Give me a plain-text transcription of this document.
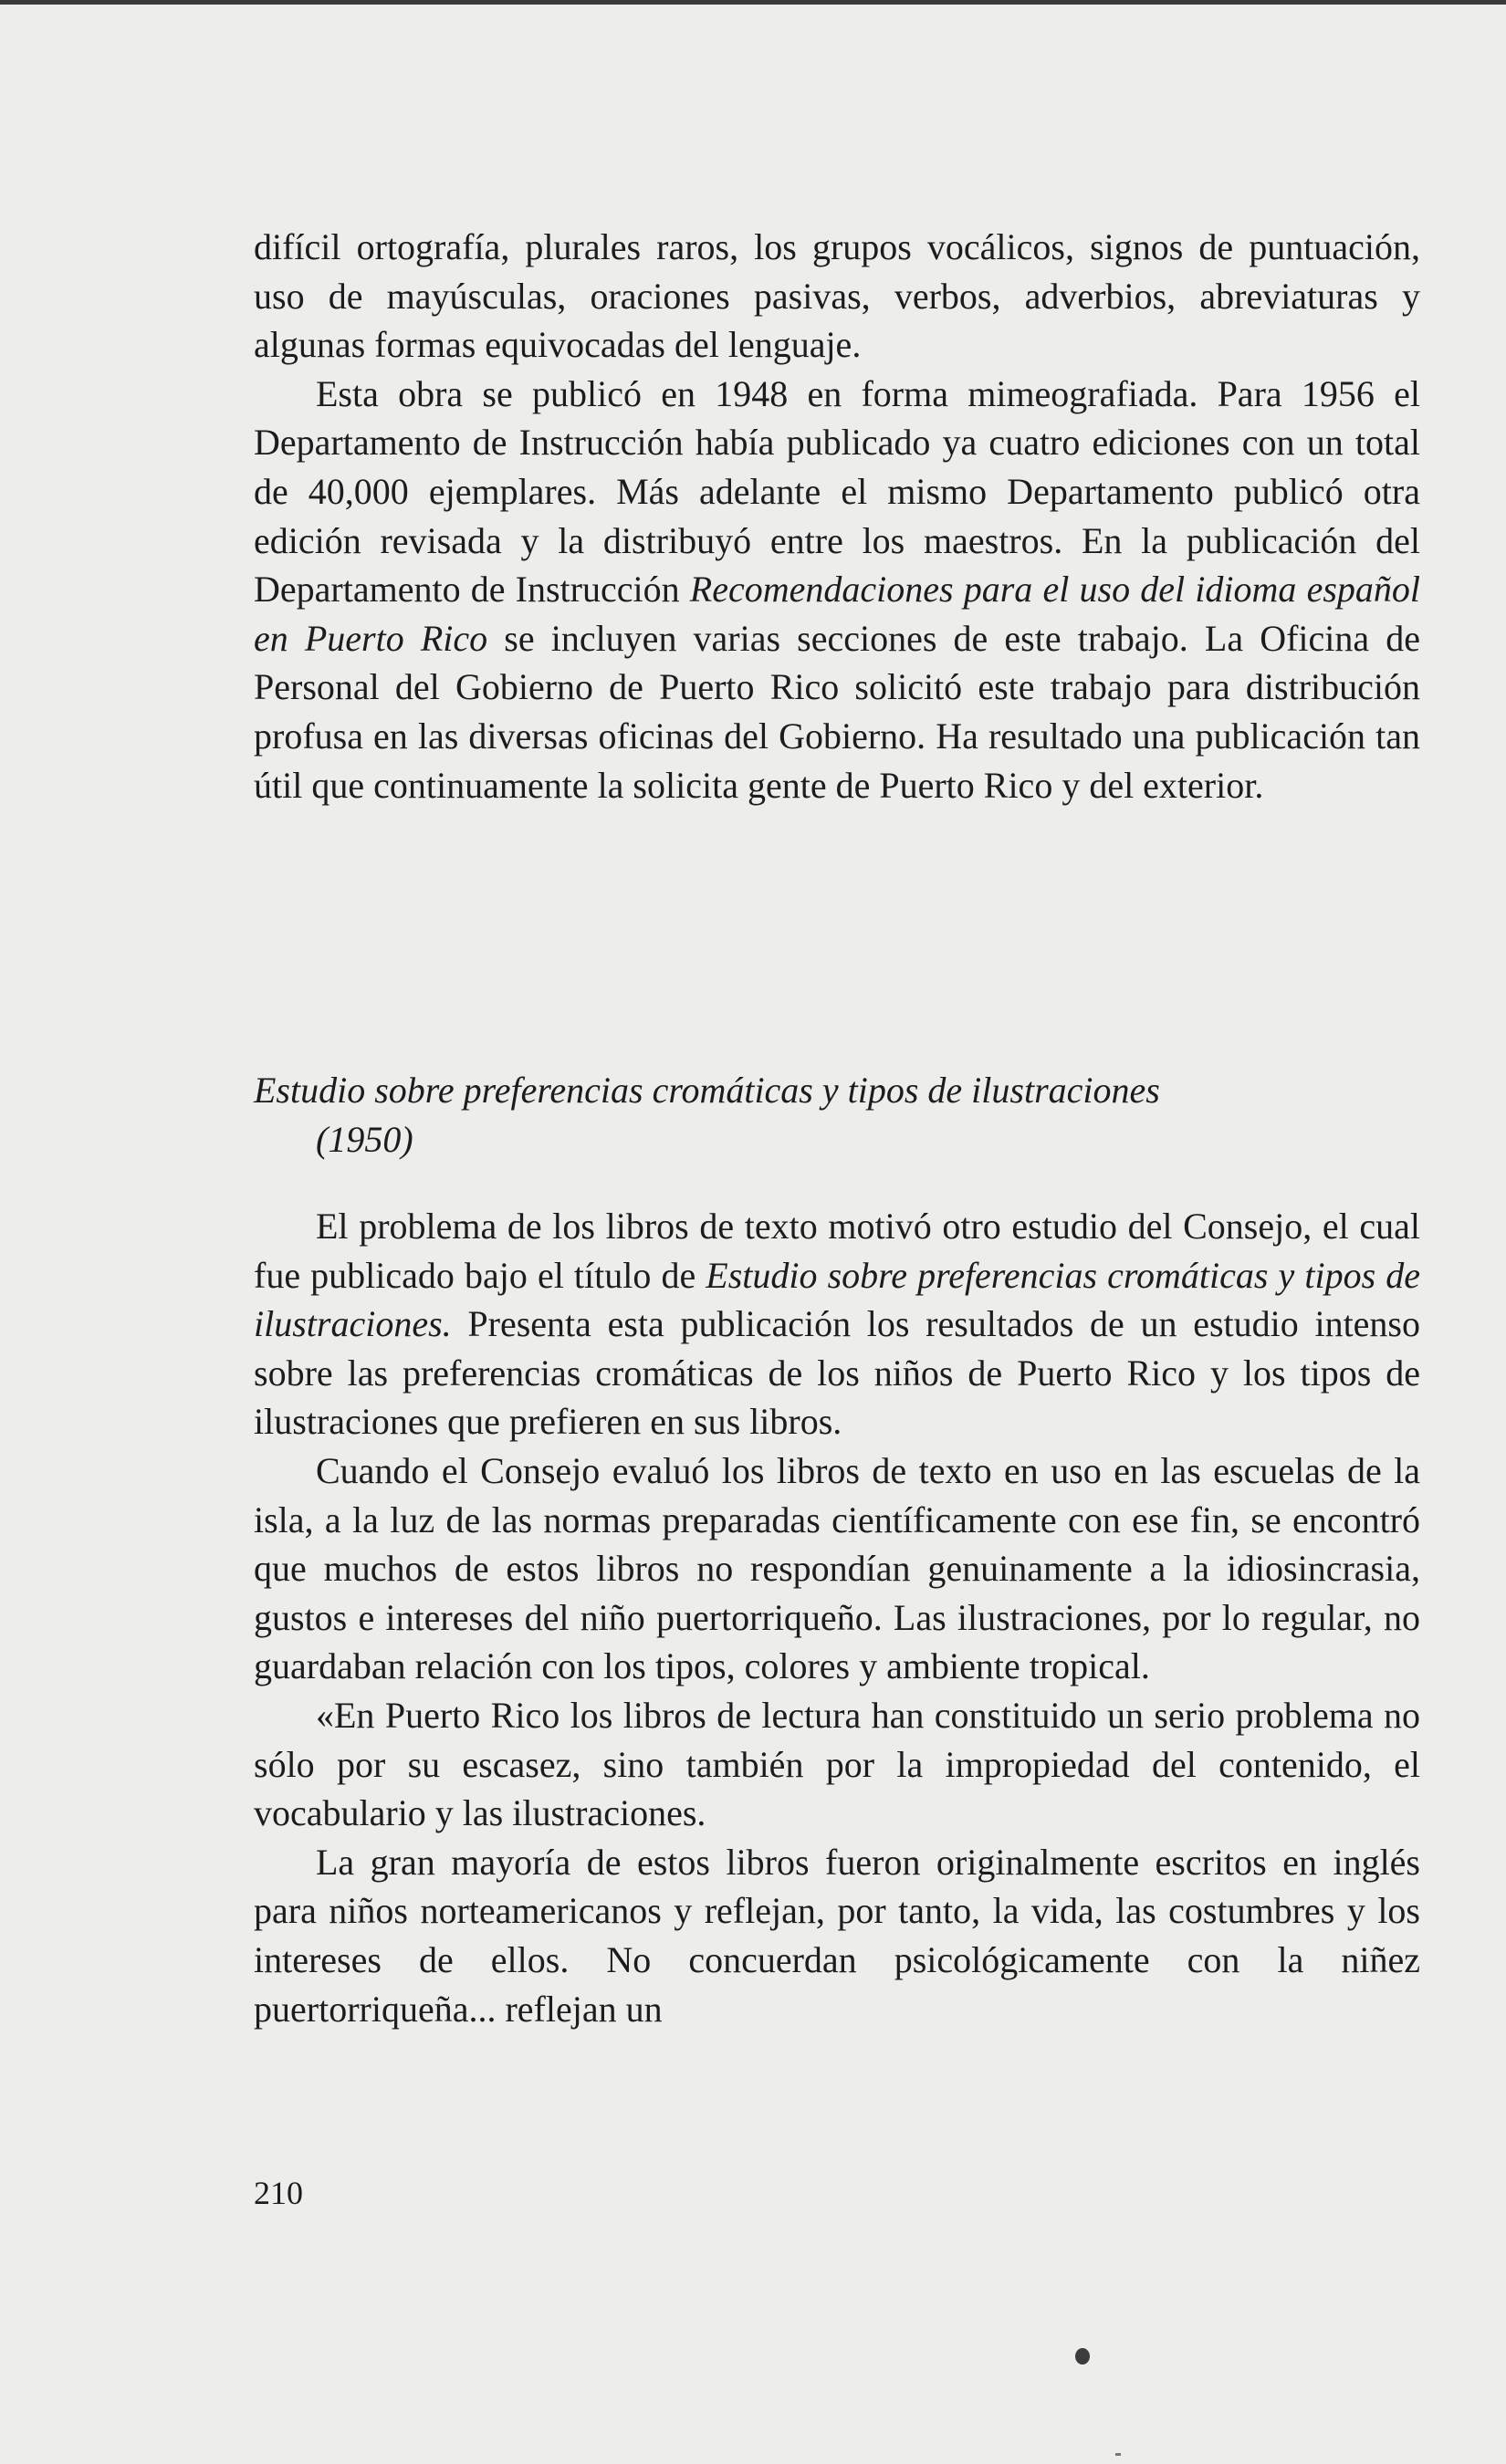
difícil ortografía, plurales raros, los grupos vocálicos, signos de puntuación, uso de mayúsculas, oraciones pasivas, verbos, adverbios, abreviaturas y algunas formas equivocadas del lenguaje.

Esta obra se publicó en 1948 en forma mimeografiada. Para 1956 el Departamento de Instrucción había publicado ya cuatro ediciones con un total de 40,000 ejemplares. Más adelante el mismo Departamento publicó otra edición revisada y la distribuyó entre los maestros. En la publicación del Departamento de Instrucción Recomendaciones para el uso del idioma español en Puerto Rico se incluyen varias secciones de este trabajo. La Oficina de Personal del Gobierno de Puerto Rico solicitó este trabajo para distribución profusa en las diversas oficinas del Gobierno. Ha resultado una publicación tan útil que continuamente la solicita gente de Puerto Rico y del exterior.

Estudio sobre preferencias cromáticas y tipos de ilustraciones
(1950)

El problema de los libros de texto motivó otro estudio del Consejo, el cual fue publicado bajo el título de Estudio sobre preferencias cromáticas y tipos de ilustraciones. Presenta esta publicación los resultados de un estudio intenso sobre las preferencias cromáticas de los niños de Puerto Rico y los tipos de ilustraciones que prefieren en sus libros.

Cuando el Consejo evaluó los libros de texto en uso en las escuelas de la isla, a la luz de las normas preparadas científicamente con ese fin, se encontró que muchos de estos libros no respondían genuinamente a la idiosincrasia, gustos e intereses del niño puertorriqueño. Las ilustraciones, por lo regular, no guardaban relación con los tipos, colores y ambiente tropical.

«En Puerto Rico los libros de lectura han constituido un serio problema no sólo por su escasez, sino también por la impropiedad del contenido, el vocabulario y las ilustraciones.

La gran mayoría de estos libros fueron originalmente escritos en inglés para niños norteamericanos y reflejan, por tanto, la vida, las costumbres y los intereses de ellos. No concuerdan psicológicamente con la niñez puertorriqueña... reflejan un

210
